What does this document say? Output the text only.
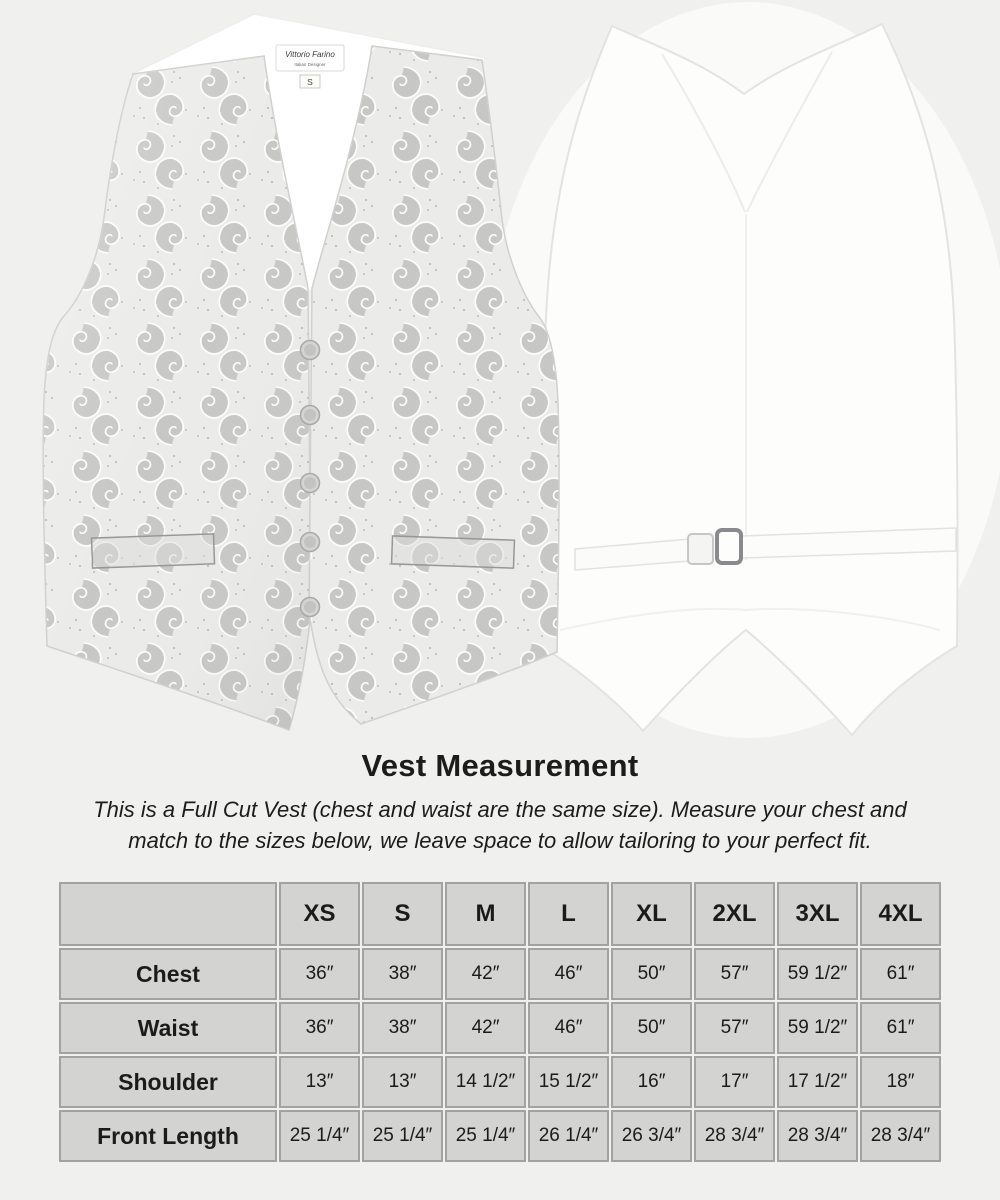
Vittorio Farino
Italian Designer
S
Vest Measurement

This is a Full Cut Vest (chest and waist are the same size). Measure your chest and
match to the sizes below, we leave space to allow tailoring to your perfect fit.

	XS	S	M	L	XL	2XL	3XL	4XL
Chest	36″	38″	42″	46″	50″	57″	59 1/2″	61″
Waist	36″	38″	42″	46″	50″	57″	59 1/2″	61″
Shoulder	13″	13″	14 1/2″	15 1/2″	16″	17″	17 1/2″	18″
Front Length	25 1/4″	25 1/4″	25 1/4″	26 1/4″	26 3/4″	28 3/4″	28 3/4″	28 3/4″
